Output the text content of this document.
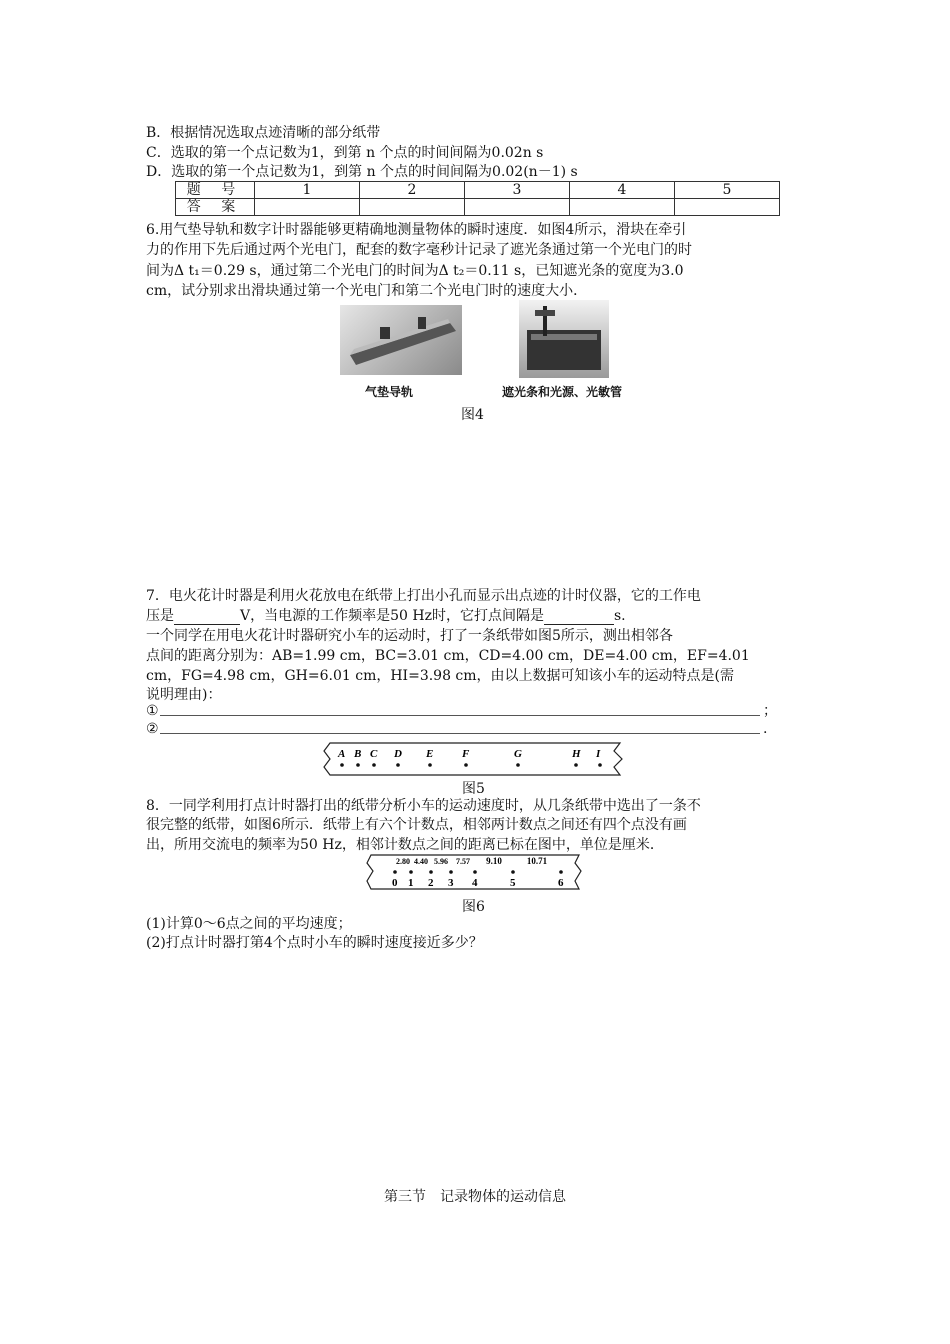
B．根据情况选取点迹清晰的部分纸带
C．选取的第一个点记数为1，到第 n 个点的时间间隔为0.02n s
D．选取的第一个点记数为1，到第 n 个点的时间间隔为0.02(n－1) s
题 号	1	2	3	4	5
答 案					
6.用气垫导轨和数字计时器能够更精确地测量物体的瞬时速度．如图4所示，滑块在牵引
力的作用下先后通过两个光电门，配套的数字毫秒计记录了遮光条通过第一个光电门的时
间为Δ t₁＝0.29 s，通过第二个光电门的时间为Δ t₂＝0.11 s，已知遮光条的宽度为3.0
cm，试分别求出滑块通过第一个光电门和第二个光电门时的速度大小．
气垫导轨	遮光条和光源、光敏管
图4
7．电火花计时器是利用火花放电在纸带上打出小孔而显示出点迹的计时仪器，它的工作电
压是	V，当电源的工作频率是50 Hz时，它打点间隔是	s.
一个同学在用电火花计时器研究小车的运动时，打了一条纸带如图5所示，测出相邻各
点间的距离分别为：AB=1.99 cm，BC=3.01 cm，CD=4.00 cm，DE=4.00 cm，EF=4.01
cm，FG=4.98 cm，GH=6.01 cm，HI=3.98 cm，由以上数据可知该小车的运动特点是(需
说明理由)：
①	；
②	.
A B C D E	F	G	H I
图5
8．一同学利用打点计时器打出的纸带分析小车的运动速度时，从几条纸带中选出了一条不
很完整的纸带，如图6所示．纸带上有六个计数点，相邻两计数点之间还有四个点没有画
出，所用交流电的频率为50 Hz，相邻计数点之间的距离已标在图中，单位是厘米．
0 1 2 3 4	5	6
2.80 4.40 5.96 7.57 9.10	10.71
图6
(1)计算0～6点之间的平均速度；
(2)打点计时器打第4个点时小车的瞬时速度接近多少？
第三节　记录物体的运动信息
